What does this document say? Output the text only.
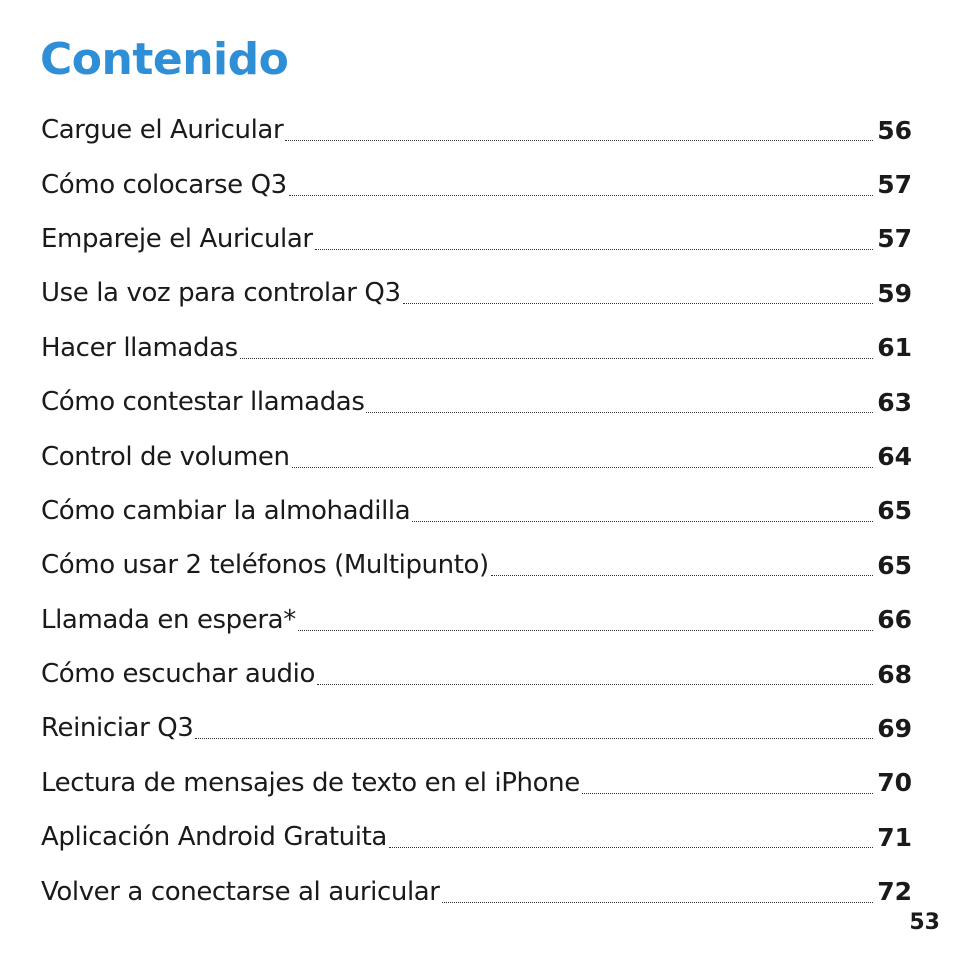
Contenido
Cargue el Auricular	56
Cómo colocarse Q3	57
Empareje el Auricular	57
Use la voz para controlar Q3	59
Hacer llamadas	61
Cómo contestar llamadas	63
Control de volumen	64
Cómo cambiar la almohadilla	65
Cómo usar 2 teléfonos (Multipunto)	65
Llamada en espera*	66
Cómo escuchar audio	68
Reiniciar Q3	69
Lectura de mensajes de texto en el iPhone	70
Aplicación Android Gratuita	71
Volver a conectarse al auricular	72
53
